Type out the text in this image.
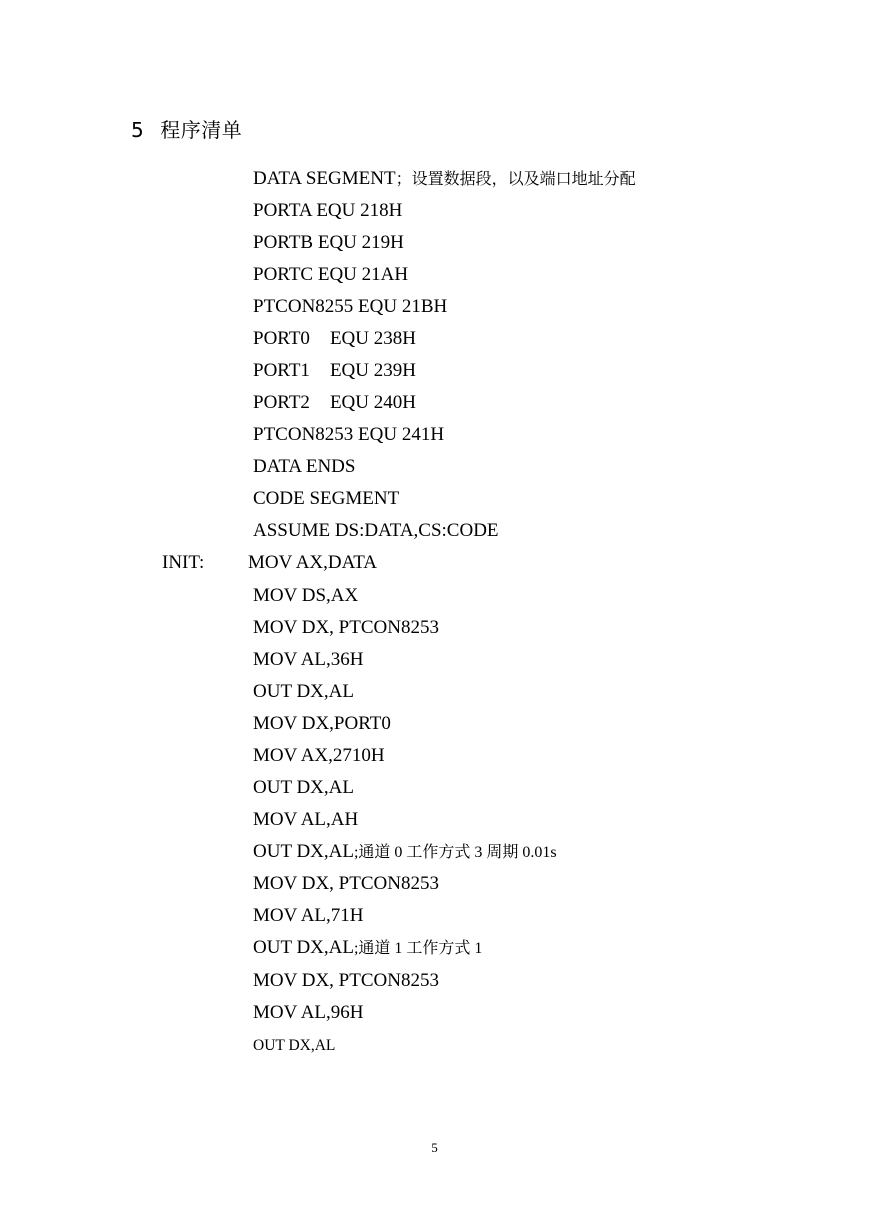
5 程序清单
DATA SEGMENT；设置数据段，以及端口地址分配
PORTA EQU 218H
PORTB EQU 219H
PORTC EQU 21AH
PTCON8255 EQU 21BH
PORT0 EQU 238H
PORT1 EQU 239H
PORT2 EQU 240H
PTCON8253 EQU 241H
DATA ENDS
CODE SEGMENT
ASSUME DS:DATA,CS:CODE
INIT: MOV AX,DATA
MOV DS,AX
MOV DX, PTCON8253
MOV AL,36H
OUT DX,AL
MOV DX,PORT0
MOV AX,2710H
OUT DX,AL
MOV AL,AH
OUT DX,AL;通道 0 工作方式 3 周期 0.01s
MOV DX, PTCON8253
MOV AL,71H
OUT DX,AL;通道 1 工作方式 1
MOV DX, PTCON8253
MOV AL,96H
OUT DX,AL
5
